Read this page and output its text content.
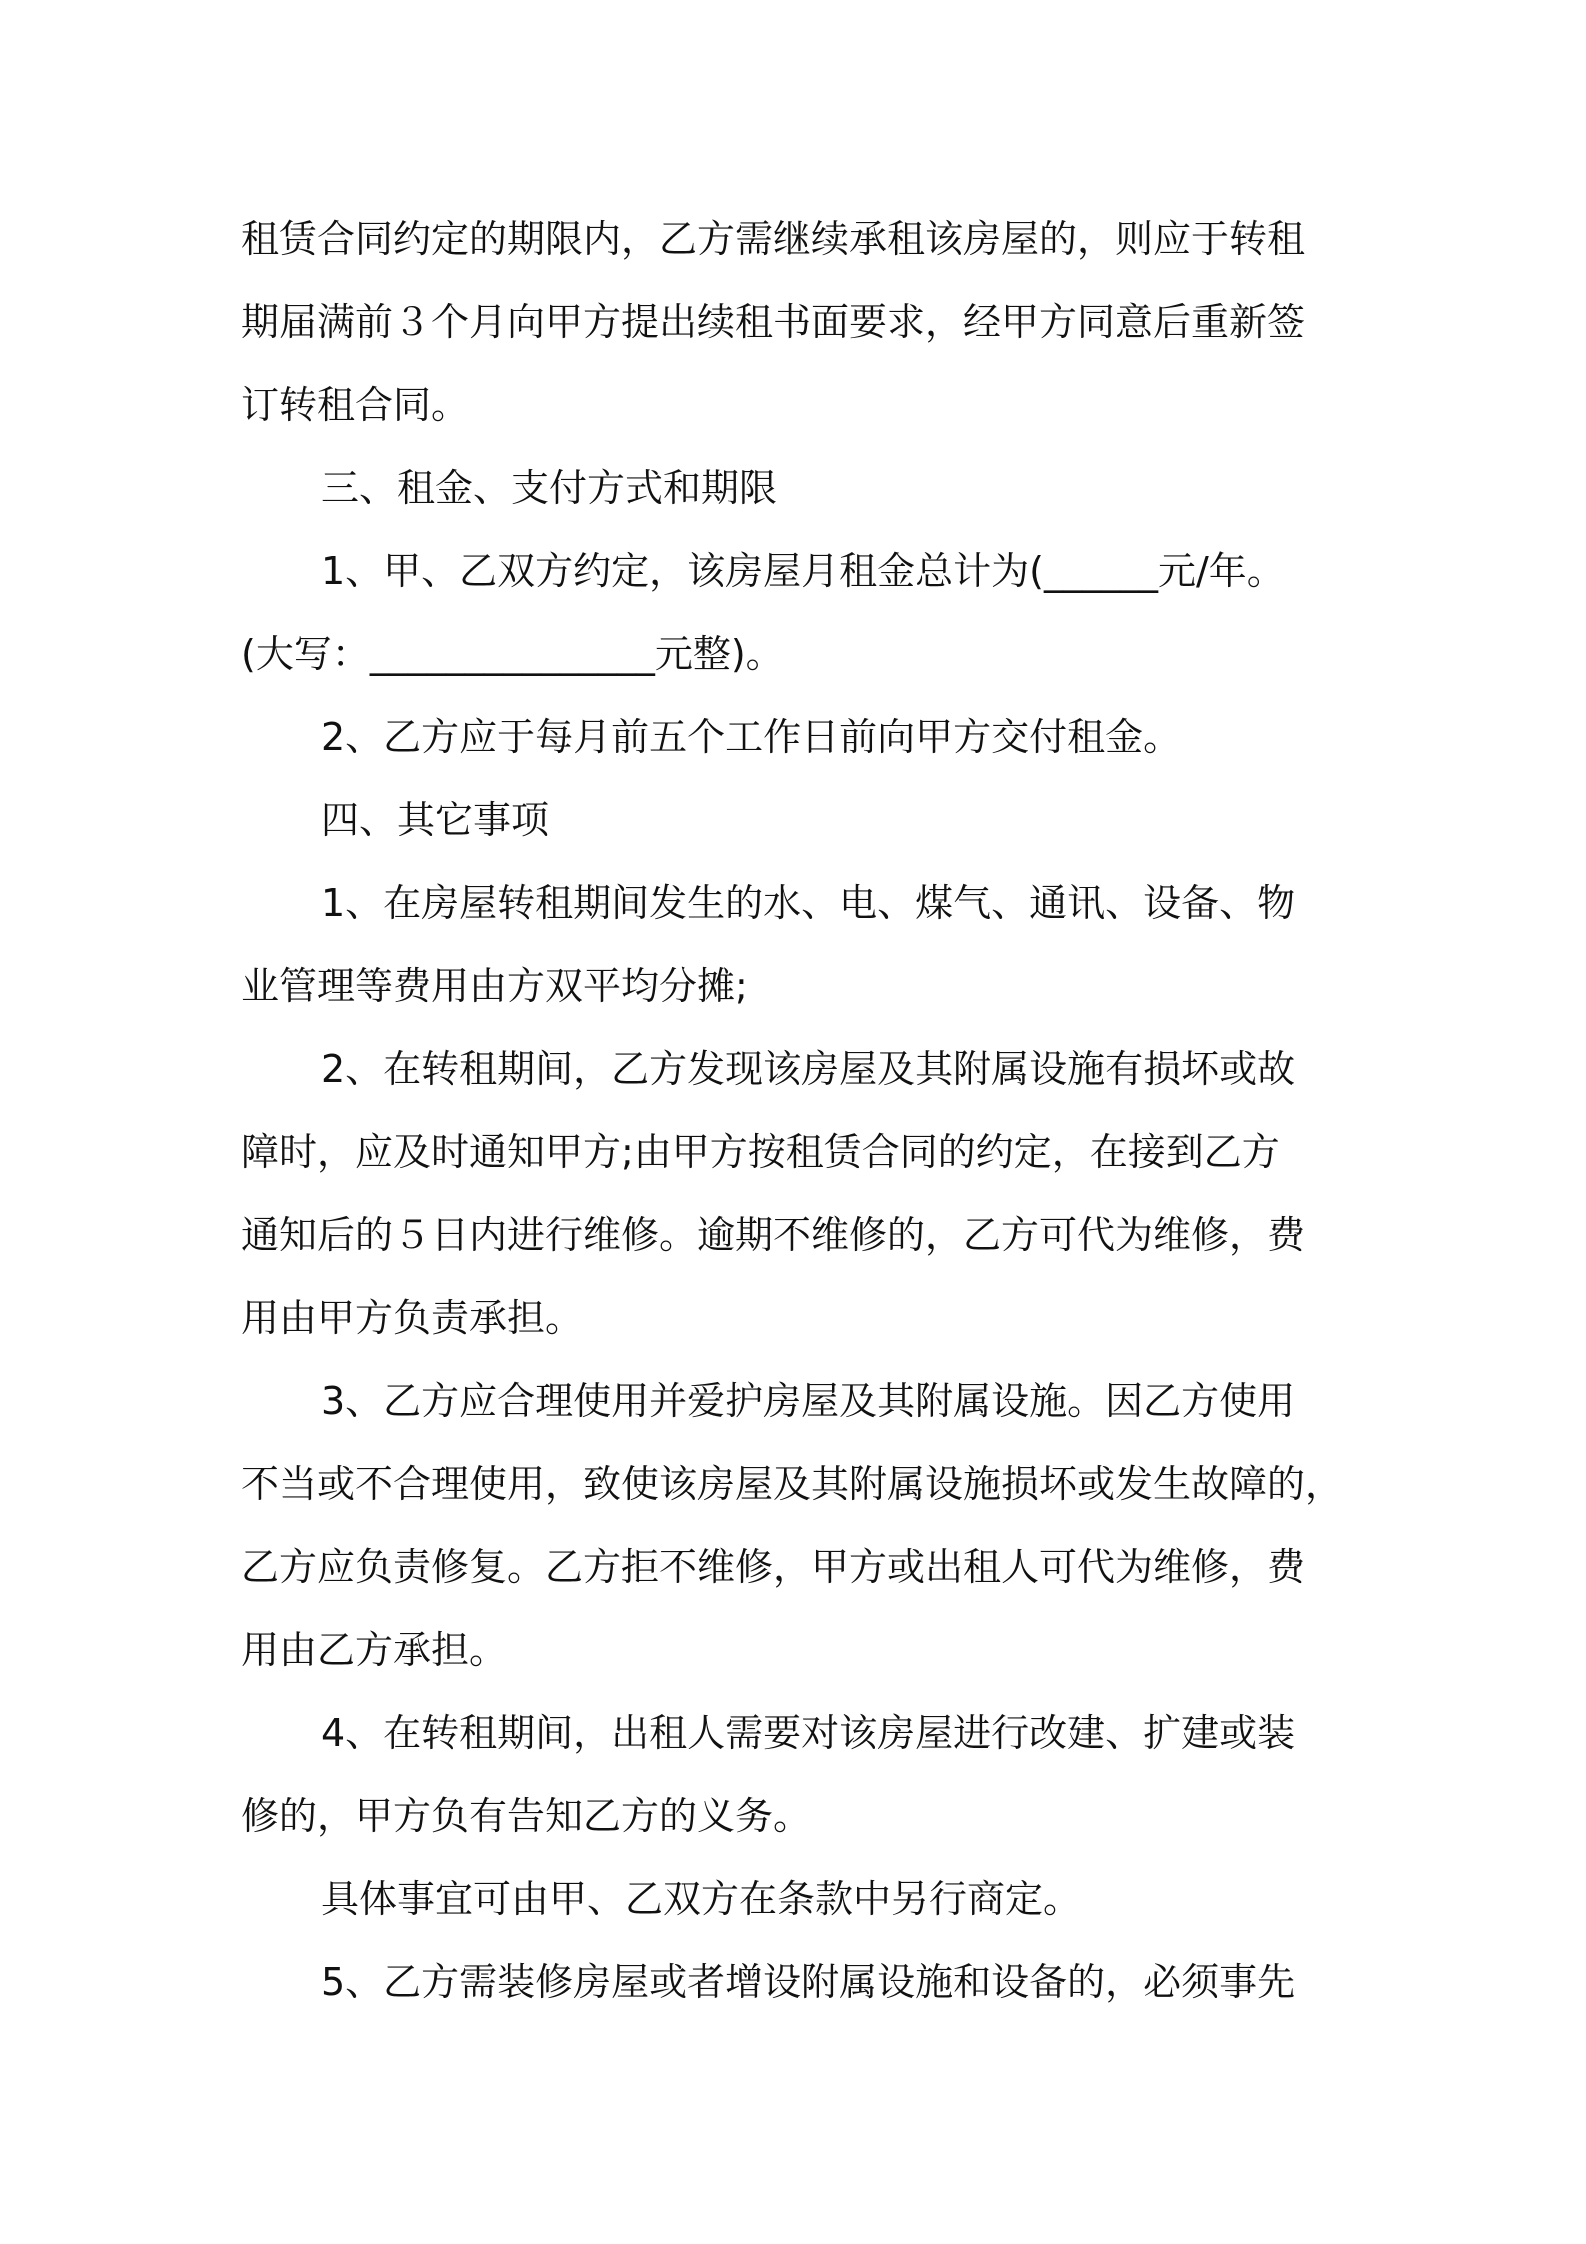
租赁合同约定的期限内，乙方需继续承租该房屋的，则应于转租
期届满前３个月向甲方提出续租书面要求，经甲方同意后重新签
订转租合同。
三、租金、支付方式和期限
1、甲、乙双方约定，该房屋月租金总计为(______元/年。
(大写：_______________元整)。
2、乙方应于每月前五个工作日前向甲方交付租金。
四、其它事项
1、在房屋转租期间发生的水、电、煤气、通讯、设备、物
业管理等费用由方双平均分摊;
2、在转租期间，乙方发现该房屋及其附属设施有损坏或故
障时，应及时通知甲方;由甲方按租赁合同的约定，在接到乙方
通知后的５日内进行维修。逾期不维修的，乙方可代为维修，费
用由甲方负责承担。
3、乙方应合理使用并爱护房屋及其附属设施。因乙方使用
不当或不合理使用，致使该房屋及其附属设施损坏或发生故障的，
乙方应负责修复。乙方拒不维修，甲方或出租人可代为维修，费
用由乙方承担。
4、在转租期间，出租人需要对该房屋进行改建、扩建或装
修的，甲方负有告知乙方的义务。
具体事宜可由甲、乙双方在条款中另行商定。
5、乙方需装修房屋或者增设附属设施和设备的，必须事先
